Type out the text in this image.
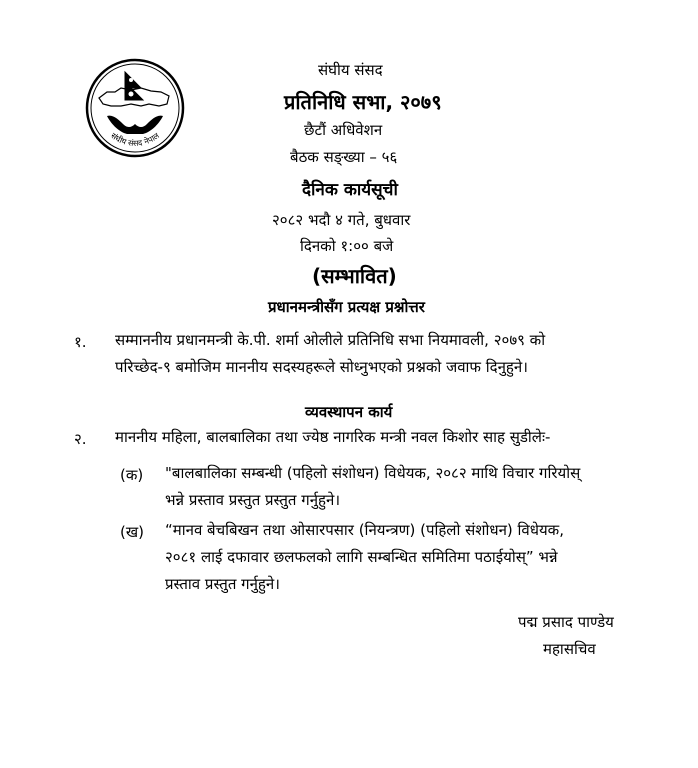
संघीय संसद नेपाल
संघीय संसद
प्रतिनिधि सभा, २०७९
छैटौं अधिवेशन
बैठक सङ्ख्या – ५६
दैनिक कार्यसूची
२०८२ भदौ ४ गते, बुधवार
दिनको १:०० बजे
(सम्भावित)
प्रधानमन्त्रीसँग प्रत्यक्ष प्रश्नोत्तर
१. सम्माननीय प्रधानमन्त्री के.पी. शर्मा ओलीले प्रतिनिधि सभा नियमावली, २०७९ को
परिच्छेद-९ बमोजिम माननीय सदस्यहरूले सोध्नुभएको प्रश्नको जवाफ दिनुहुने।
व्यवस्थापन कार्य
२. माननीय महिला, बालबालिका तथा ज्येष्ठ नागरिक मन्त्री नवल किशोर साह सुडीलेः-
(क) "बालबालिका सम्बन्धी (पहिलो संशोधन) विधेयक, २०८२ माथि विचार गरियोस्
भन्ने प्रस्ताव प्रस्तुत प्रस्तुत गर्नुहुने।
(ख) “मानव बेचबिखन तथा ओसारपसार (नियन्त्रण) (पहिलो संशोधन) विधेयक,
२०८१ लाई दफावार छलफलको लागि सम्बन्धित समितिमा पठाईयोस्” भन्ने
प्रस्ताव प्रस्तुत गर्नुहुने।
पद्म प्रसाद पाण्डेय
महासचिव
